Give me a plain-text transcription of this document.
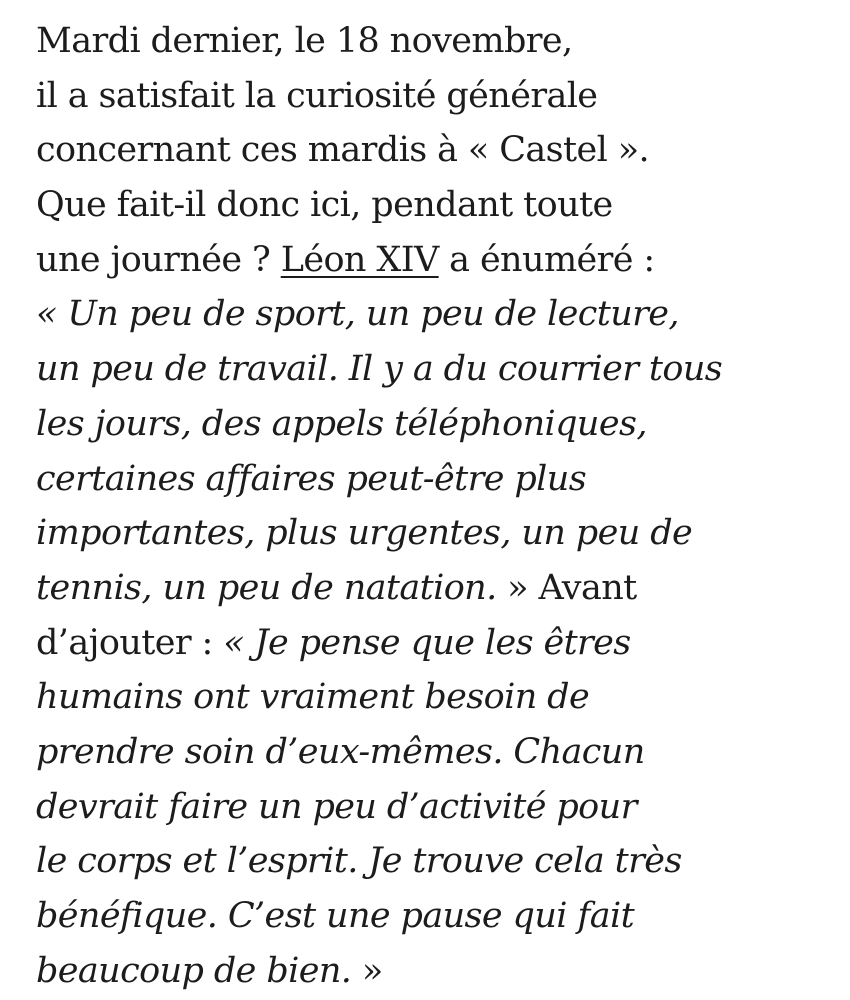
Mardi dernier, le 18 novembre,
il a satisfait la curiosité générale
concernant ces mardis à « Castel ».
Que fait-il donc ici, pendant toute
une journée ? Léon XIV a énuméré :
« Un peu de sport, un peu de lecture,
un peu de travail. Il y a du courrier tous
les jours, des appels téléphoniques,
certaines affaires peut-être plus
importantes, plus urgentes, un peu de
tennis, un peu de natation. » Avant
d’ajouter : « Je pense que les êtres
humains ont vraiment besoin de
prendre soin d’eux-mêmes. Chacun
devrait faire un peu d’activité pour
le corps et l’esprit. Je trouve cela très
bénéfique. C’est une pause qui fait
beaucoup de bien. »
